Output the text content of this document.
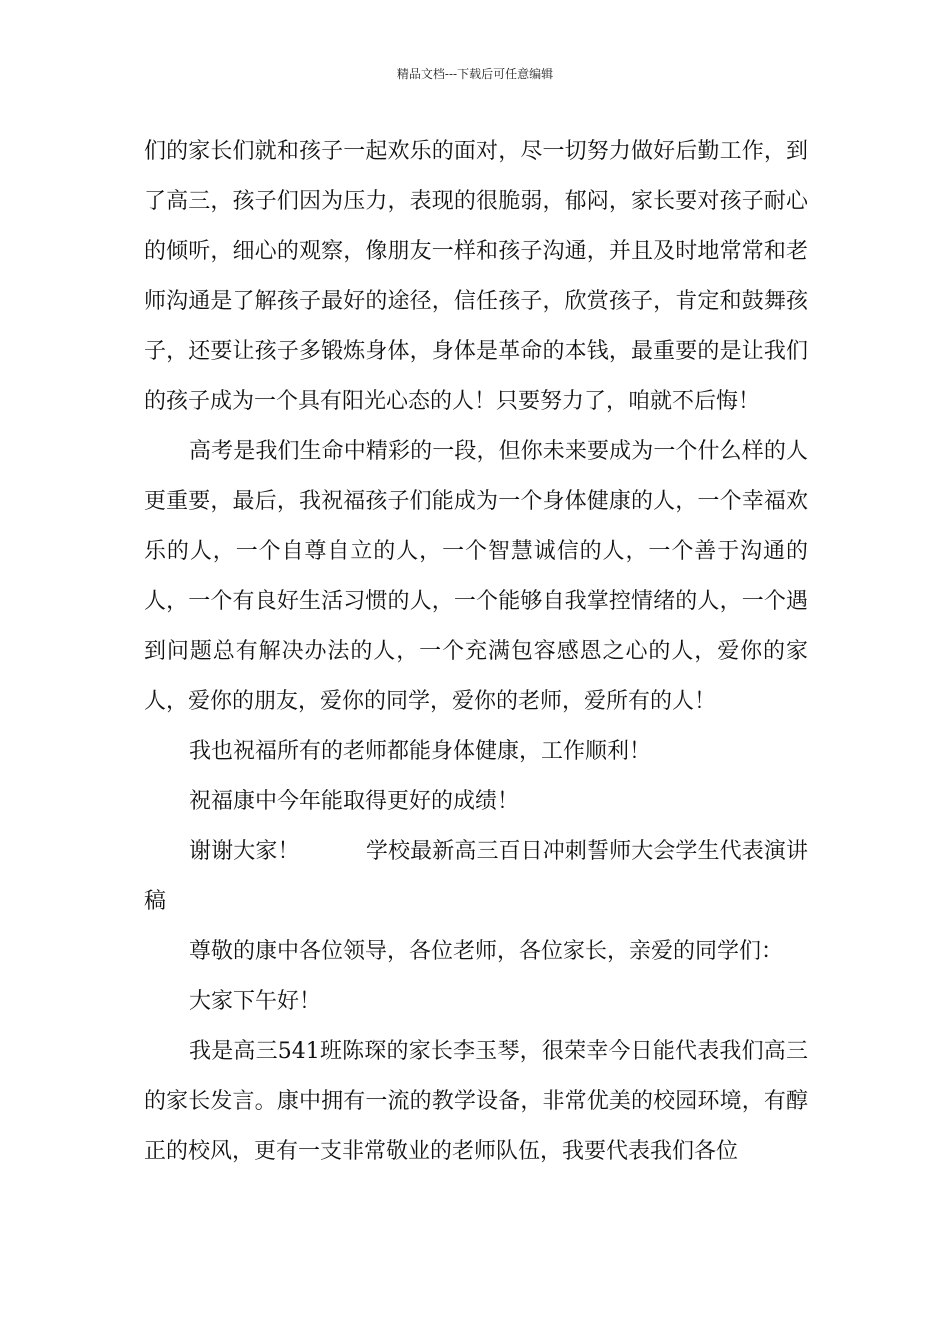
精品文档---下载后可任意编辑

们的家长们就和孩子一起欢乐的面对，尽一切努力做好后勤工作，到了高三，孩子们因为压力，表现的很脆弱，郁闷，家长要对孩子耐心的倾听，细心的观察，像朋友一样和孩子沟通，并且及时地常常和老师沟通是了解孩子最好的途径，信任孩子，欣赏孩子，肯定和鼓舞孩子，还要让孩子多锻炼身体，身体是革命的本钱，最重要的是让我们的孩子成为一个具有阳光心态的人！只要努力了，咱就不后悔！

高考是我们生命中精彩的一段，但你未来要成为一个什么样的人更重要，最后，我祝福孩子们能成为一个身体健康的人，一个幸福欢乐的人，一个自尊自立的人，一个智慧诚信的人，一个善于沟通的人，一个有良好生活习惯的人，一个能够自我掌控情绪的人，一个遇到问题总有解决办法的人，一个充满包容感恩之心的人，爱你的家人，爱你的朋友，爱你的同学，爱你的老师，爱所有的人！

我也祝福所有的老师都能身体健康，工作顺利！

祝福康中今年能取得更好的成绩！

谢谢大家！　　　学校最新高三百日冲刺誓师大会学生代表演讲稿

尊敬的康中各位领导，各位老师，各位家长，亲爱的同学们：

大家下午好！

我是高三541班陈琛的家长李玉琴，很荣幸今日能代表我们高三的家长发言。康中拥有一流的教学设备，非常优美的校园环境，有醇正的校风，更有一支非常敬业的老师队伍，我要代表我们各位
